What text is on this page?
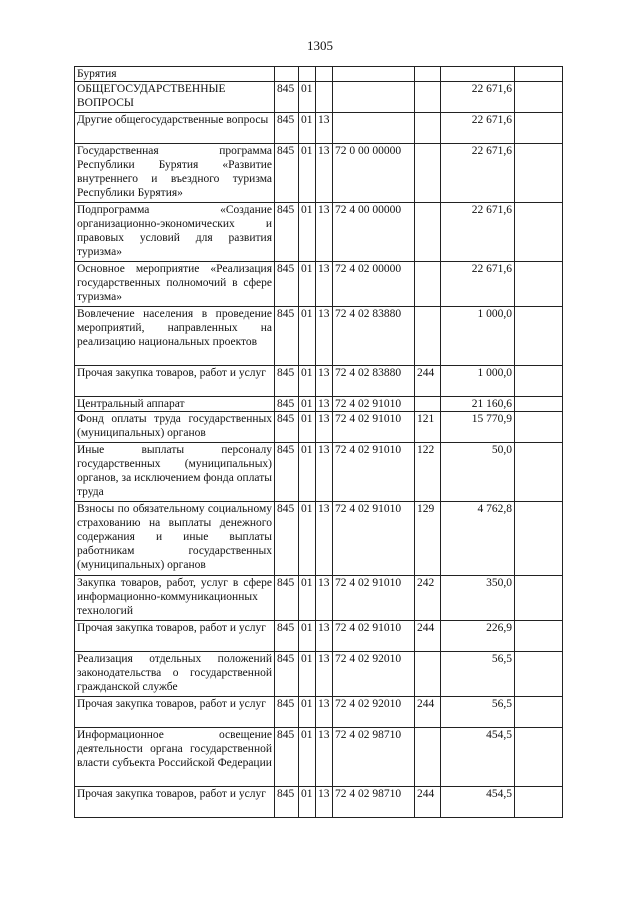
1305
Бурятия							
ОБЩЕГОСУДАРСТВЕННЫЕ ВОПРОСЫ	845	01				22 671,6	
Другие общегосударственные вопросы	845	01	13			22 671,6	
Государственная программа Республики Бурятия «Развитие внутреннего и въездного туризма Республики Бурятия»	845	01	13	72 0 00 00000		22 671,6	
Подпрограмма «Создание организационно-экономических и правовых условий для развития туризма»	845	01	13	72 4 00 00000		22 671,6	
Основное мероприятие «Реализация государственных полномочий в сфере туризма»	845	01	13	72 4 02 00000		22 671,6	
Вовлечение населения в проведение мероприятий, направленных на реализацию национальных проектов	845	01	13	72 4 02 83880		1 000,0	
Прочая закупка товаров, работ и услуг	845	01	13	72 4 02 83880	244	1 000,0	
Центральный аппарат	845	01	13	72 4 02 91010		21 160,6	
Фонд оплаты труда государственных (муниципальных) органов	845	01	13	72 4 02 91010	121	15 770,9	
Иные выплаты персоналу государственных (муниципальных) органов, за исключением фонда оплаты труда	845	01	13	72 4 02 91010	122	50,0	
Взносы по обязательному социальному страхованию на выплаты денежного содержания и иные выплаты работникам государственных (муниципальных) органов	845	01	13	72 4 02 91010	129	4 762,8	
Закупка товаров, работ, услуг в сфере информационно-коммуникационных технологий	845	01	13	72 4 02 91010	242	350,0	
Прочая закупка товаров, работ и услуг	845	01	13	72 4 02 91010	244	226,9	
Реализация отдельных положений законодательства о государственной гражданской службе	845	01	13	72 4 02 92010		56,5	
Прочая закупка товаров, работ и услуг	845	01	13	72 4 02 92010	244	56,5	
Информационное освещение деятельности органа государственной власти субъекта Российской Федерации	845	01	13	72 4 02 98710		454,5	
Прочая закупка товаров, работ и услуг	845	01	13	72 4 02 98710	244	454,5	
